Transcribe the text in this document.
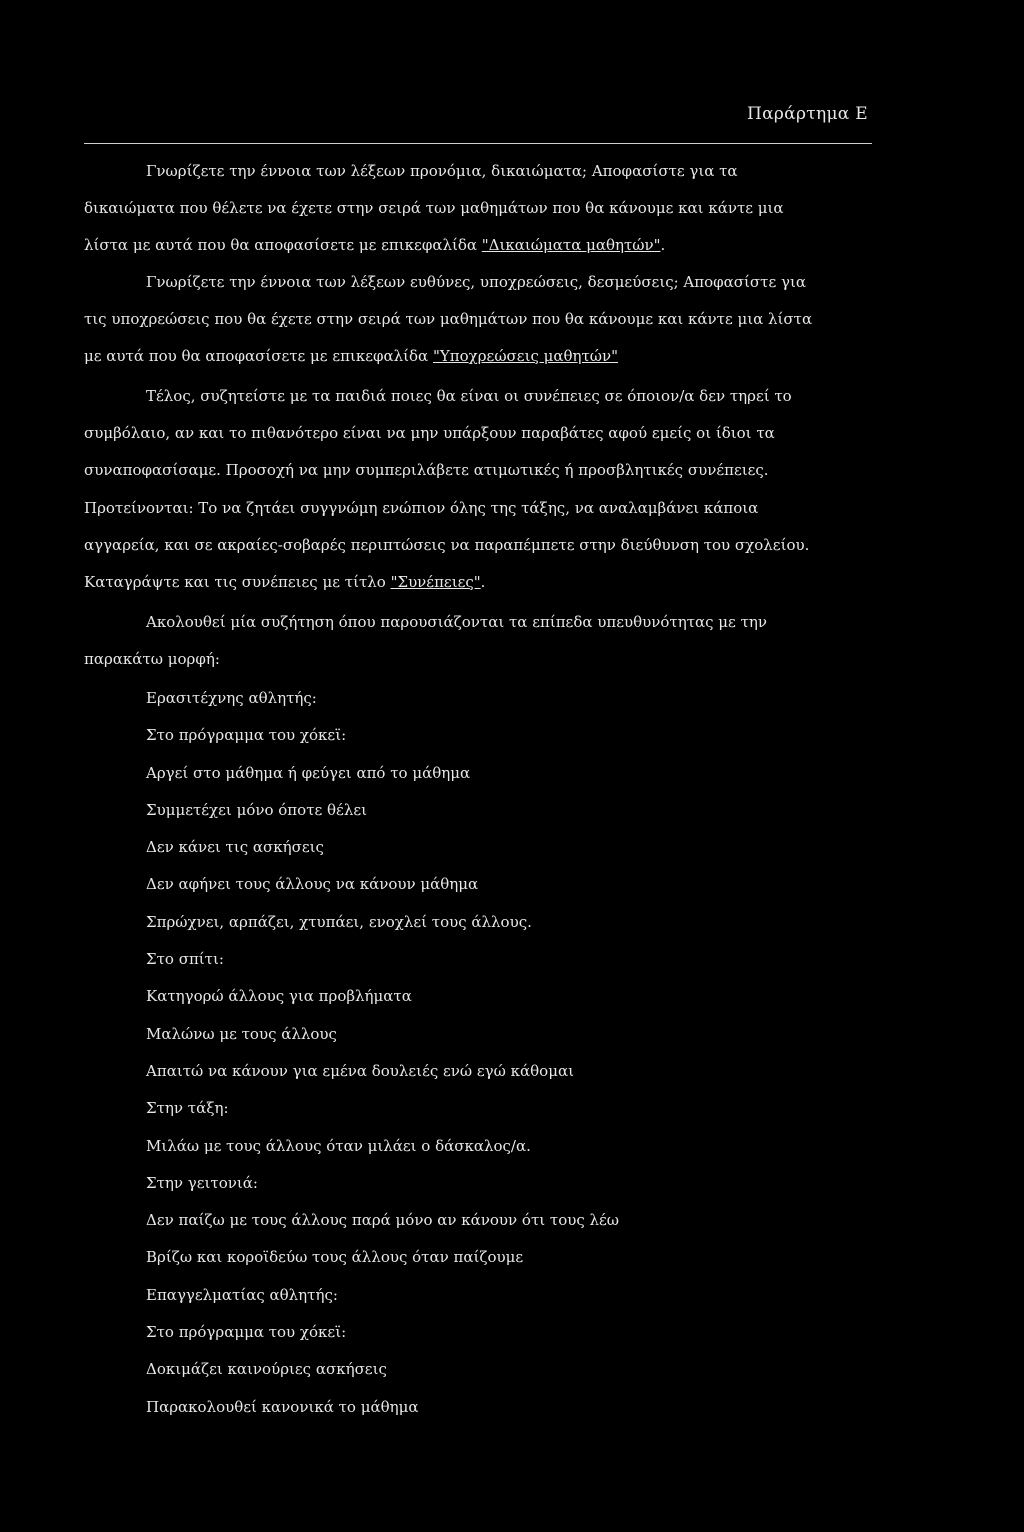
Παράρτημα Ε
Γνωρίζετε την έννοια των λέξεων προνόμια, δικαιώματα; Αποφασίστε για τα
δικαιώματα που θέλετε να έχετε στην σειρά των μαθημάτων που θα κάνουμε και κάντε μια
λίστα με αυτά που θα αποφασίσετε με επικεφαλίδα "Δικαιώματα μαθητών".
Γνωρίζετε την έννοια των λέξεων ευθύνες, υποχρεώσεις, δεσμεύσεις; Αποφασίστε για
τις υποχρεώσεις που θα έχετε στην σειρά των μαθημάτων που θα κάνουμε και κάντε μια λίστα
με αυτά που θα αποφασίσετε με επικεφαλίδα "Υποχρεώσεις μαθητών"
Τέλος, συζητείστε με τα παιδιά ποιες θα είναι οι συνέπειες σε όποιον/α δεν τηρεί το
συμβόλαιο, αν και το πιθανότερο είναι να μην υπάρξουν παραβάτες αφού εμείς οι ίδιοι τα
συναποφασίσαμε. Προσοχή να μην συμπεριλάβετε ατιμωτικές ή προσβλητικές συνέπειες.
Προτείνονται: Το να ζητάει συγγνώμη ενώπιον όλης της τάξης, να αναλαμβάνει κάποια
αγγαρεία, και σε ακραίες-σοβαρές περιπτώσεις να παραπέμπετε στην διεύθυνση του σχολείου.
Καταγράψτε και τις συνέπειες με τίτλο "Συνέπειες".
Ακολουθεί μία συζήτηση όπου παρουσιάζονται τα επίπεδα υπευθυνότητας με την
παρακάτω μορφή:
Ερασιτέχνης αθλητής:
Στο πρόγραμμα του χόκεϊ:
Αργεί στο μάθημα ή φεύγει από το μάθημα
Συμμετέχει μόνο όποτε θέλει
Δεν κάνει τις ασκήσεις
Δεν αφήνει τους άλλους να κάνουν μάθημα
Σπρώχνει, αρπάζει, χτυπάει, ενοχλεί τους άλλους.
Στο σπίτι:
Κατηγορώ άλλους για προβλήματα
Μαλώνω με τους άλλους
Απαιτώ να κάνουν για εμένα δουλειές ενώ εγώ κάθομαι
Στην τάξη:
Μιλάω με τους άλλους όταν μιλάει ο δάσκαλος/α.
Στην γειτονιά:
Δεν παίζω με τους άλλους παρά μόνο αν κάνουν ότι τους λέω
Βρίζω και κοροϊδεύω τους άλλους όταν παίζουμε
Επαγγελματίας αθλητής:
Στο πρόγραμμα του χόκεϊ:
Δοκιμάζει καινούριες ασκήσεις
Παρακολουθεί κανονικά το μάθημα
